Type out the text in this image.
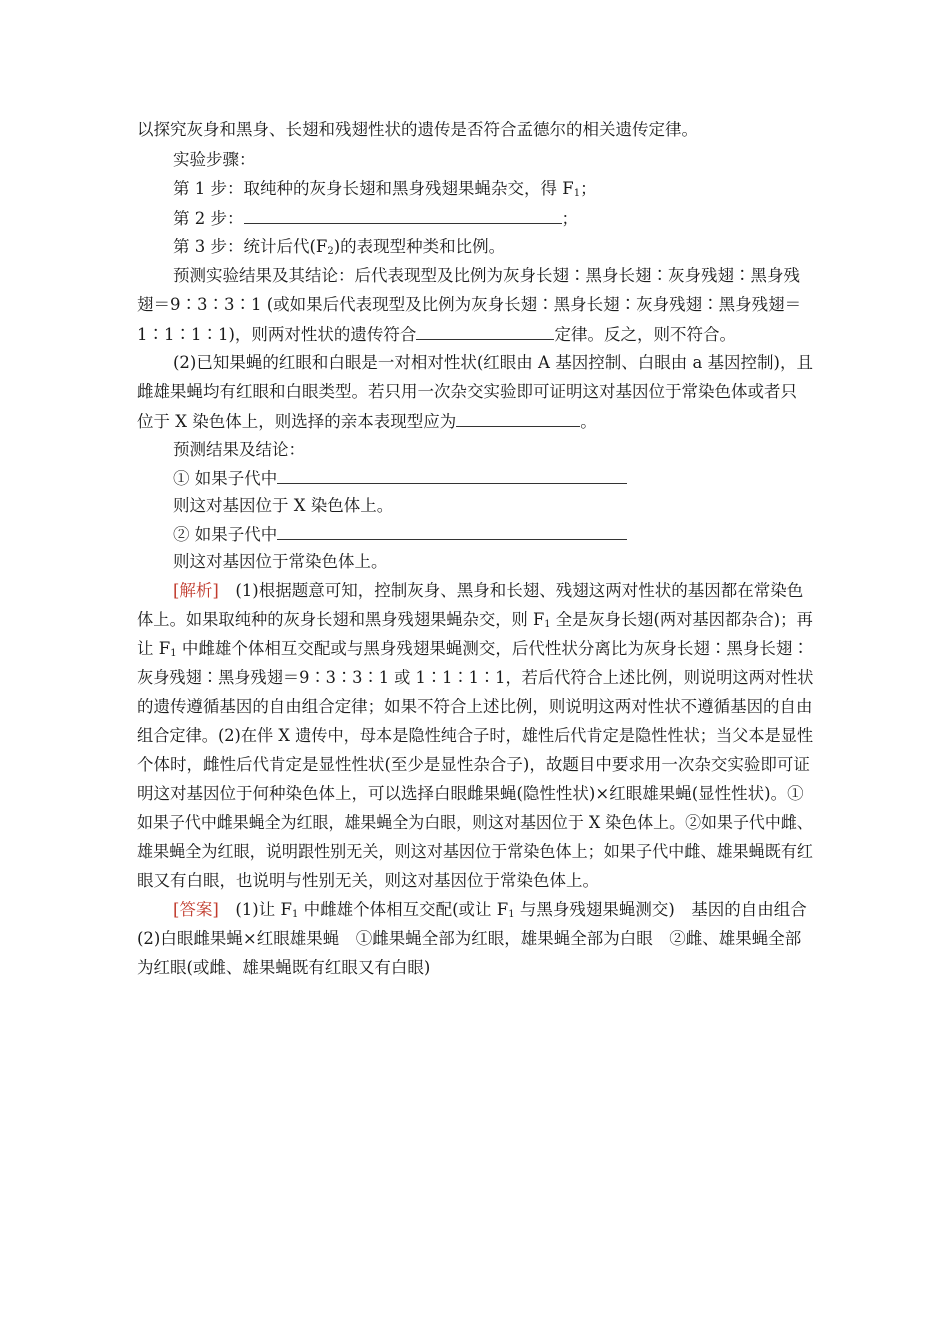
以探究灰身和黑身、长翅和残翅性状的遗传是否符合孟德尔的相关遗传定律。
实验步骤：
第 1 步：取纯种的灰身长翅和黑身残翅果蝇杂交，得 $F_1$；
第 2 步：	；
第 3 步：统计后代$(F_2)$的表现型种类和比例。
预测实验结果及其结论：后代表现型及比例为灰身长翅∶黑身长翅∶灰身残翅∶黑身残
翅＝9∶3∶3∶1 (或如果后代表现型及比例为灰身长翅∶黑身长翅∶灰身残翅∶黑身残翅＝
1∶1∶1∶1)，则两对性状的遗传符合	定律。反之，则不符合。
(2)已知果蝇的红眼和白眼是一对相对性状(红眼由 A 基因控制、白眼由 a 基因控制)，且
雌雄果蝇均有红眼和白眼类型。若只用一次杂交实验即可证明这对基因位于常染色体或者只
位于 X 染色体上，则选择的亲本表现型应为	。
预测结果及结论：
① 如果子代中
则这对基因位于 X 染色体上。
② 如果子代中
则这对基因位于常染色体上。
[解析]　(1)根据题意可知，控制灰身、黑身和长翅、残翅这两对性状的基因都在常染色
体上。如果取纯种的灰身长翅和黑身残翅果蝇杂交，则 $F_1$ 全是灰身长翅(两对基因都杂合)；再
让 $F_1$ 中雌雄个体相互交配或与黑身残翅果蝇测交，后代性状分离比为灰身长翅∶黑身长翅∶
灰身残翅∶黑身残翅＝9∶3∶3∶1 或 1∶1∶1∶1，若后代符合上述比例，则说明这两对性状
的遗传遵循基因的自由组合定律；如果不符合上述比例，则说明这两对性状不遵循基因的自由
组合定律。(2)在伴 X 遗传中，母本是隐性纯合子时，雄性后代肯定是隐性性状；当父本是显性
个体时，雌性后代肯定是显性性状(至少是显性杂合子)，故题目中要求用一次杂交实验即可证
明这对基因位于何种染色体上，可以选择白眼雌果蝇(隐性性状)×红眼雄果蝇(显性性状)。①
如果子代中雌果蝇全为红眼，雄果蝇全为白眼，则这对基因位于 X 染色体上。②如果子代中雌、
雄果蝇全为红眼，说明跟性别无关，则这对基因位于常染色体上；如果子代中雌、雄果蝇既有红
眼又有白眼，也说明与性别无关，则这对基因位于常染色体上。
[答案]　(1)让 $F_1$ 中雌雄个体相互交配(或让 $F_1$ 与黑身残翅果蝇测交)　基因的自由组合
(2)白眼雌果蝇×红眼雄果蝇　①雌果蝇全部为红眼，雄果蝇全部为白眼　②雌、雄果蝇全部
为红眼(或雌、雄果蝇既有红眼又有白眼)
